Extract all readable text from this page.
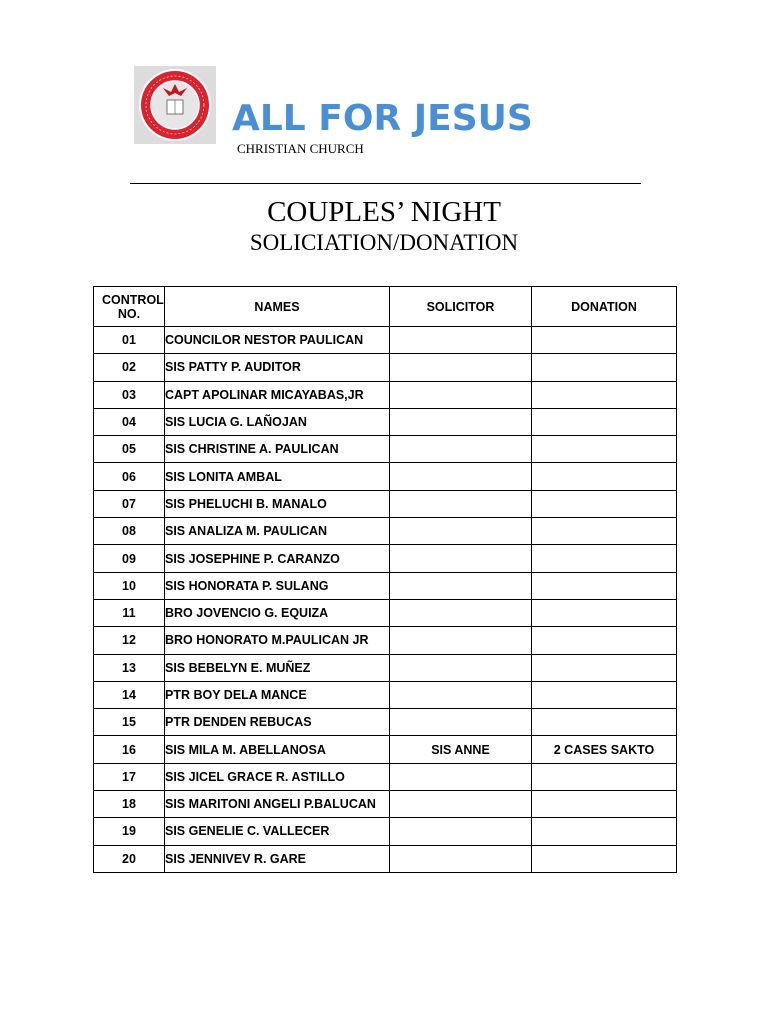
ALL FOR JESUS
CHRISTIAN CHURCH
COUPLES’ NIGHT
SOLICIATION/DONATION
CONTROL NO.	NAMES	SOLICITOR	DONATION
01	COUNCILOR NESTOR PAULICAN		
02	SIS PATTY P. AUDITOR		
03	CAPT APOLINAR MICAYABAS,JR		
04	SIS LUCIA G. LAÑOJAN		
05	SIS CHRISTINE A. PAULICAN		
06	SIS LONITA AMBAL		
07	SIS PHELUCHI B. MANALO		
08	SIS ANALIZA M. PAULICAN		
09	SIS JOSEPHINE P. CARANZO		
10	SIS HONORATA P. SULANG		
11	BRO JOVENCIO G. EQUIZA		
12	BRO HONORATO M.PAULICAN JR		
13	SIS BEBELYN E. MUÑEZ		
14	PTR BOY DELA MANCE		
15	PTR DENDEN REBUCAS		
16	SIS MILA M. ABELLANOSA	SIS ANNE	2 CASES SAKTO
17	SIS JICEL GRACE R. ASTILLO		
18	SIS MARITONI ANGELI P.BALUCAN		
19	SIS GENELIE C. VALLECER		
20	SIS JENNIVEV R. GARE		
